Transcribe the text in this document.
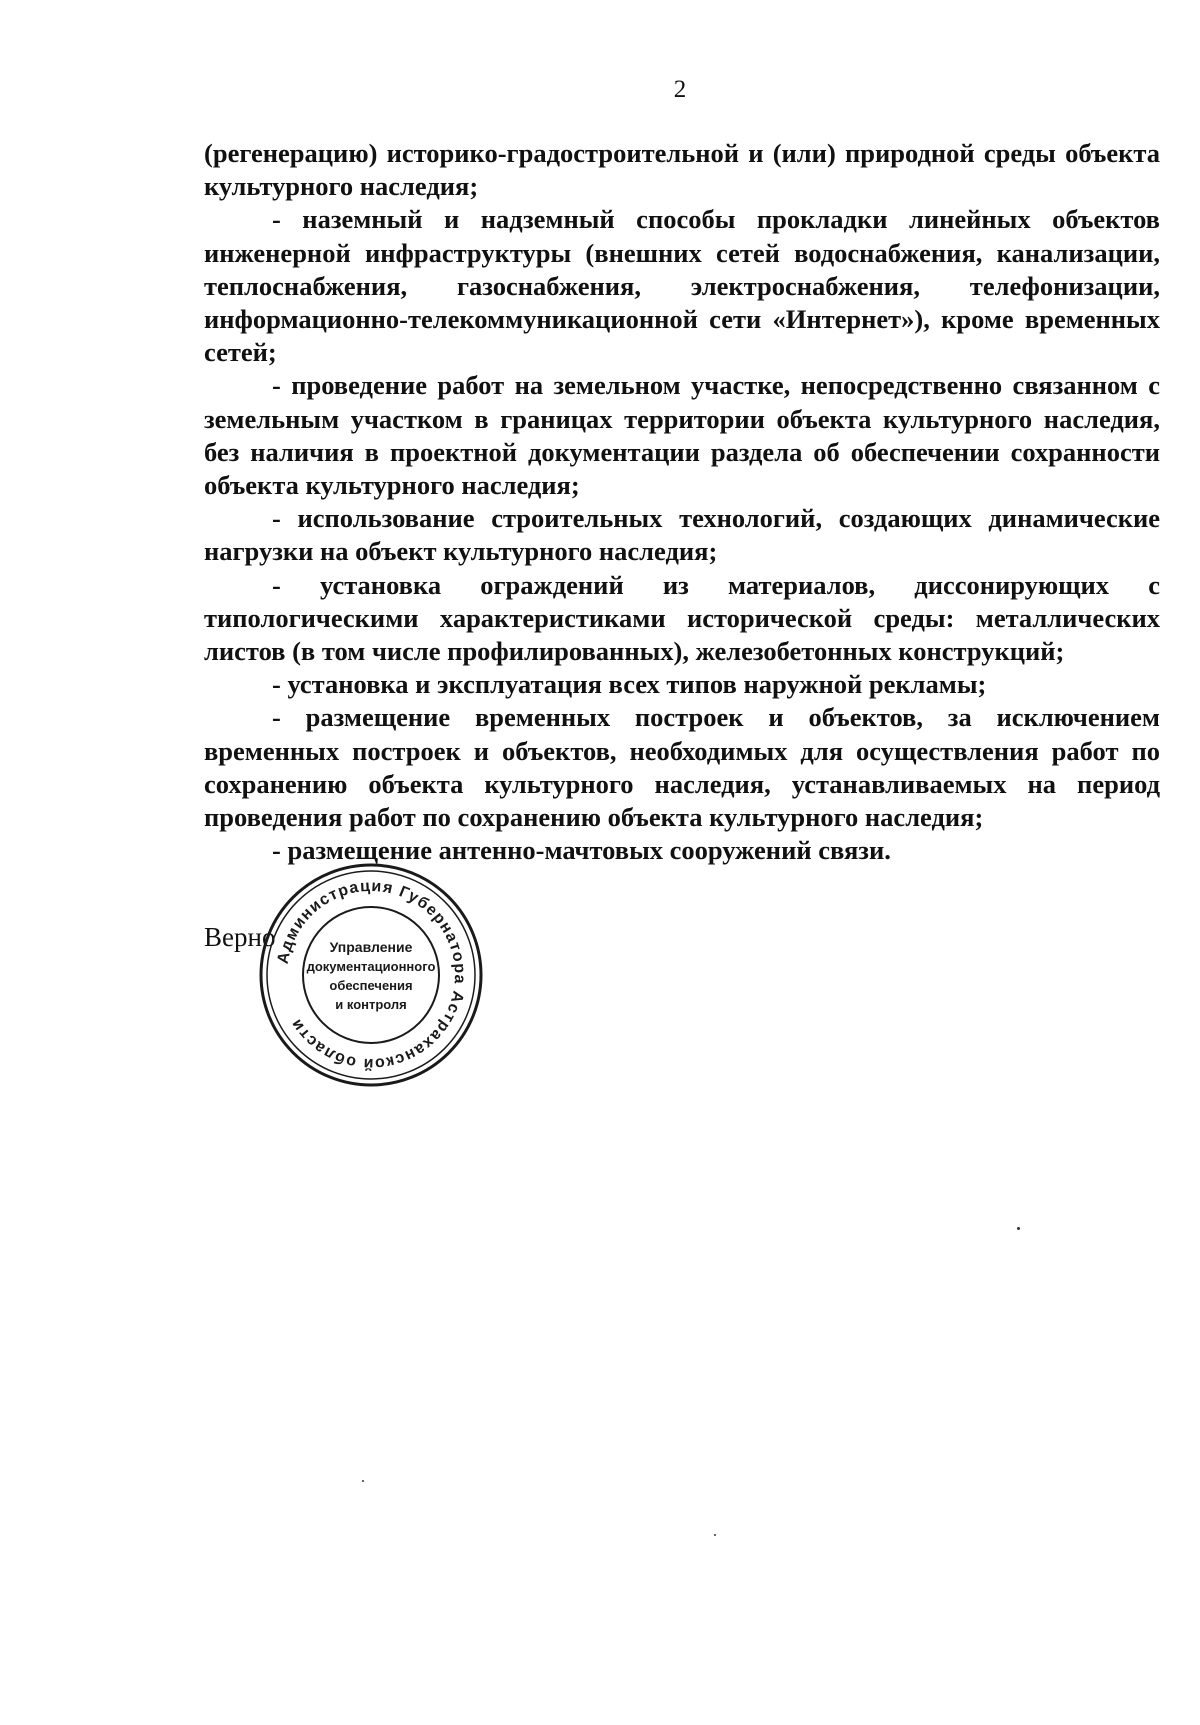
2

(регенерацию) историко-градостроительной и (или) природной среды объекта культурного наследия;

- наземный и надземный способы прокладки линейных объектов инженерной инфраструктуры (внешних сетей водоснабжения, канализации, теплоснабжения, газоснабжения, электроснабжения, телефонизации, информационно-телекоммуникационной сети «Интернет»), кроме временных сетей;

- проведение работ на земельном участке, непосредственно связанном с земельным участком в границах территории объекта культурного наследия, без наличия в проектной документации раздела об обеспечении сохранности объекта культурного наследия;

- использование строительных технологий, создающих динамические нагрузки на объект культурного наследия;

- установка ограждений из материалов, диссонирующих с типологическими характеристиками исторической среды: металлических листов (в том числе профилированных), железобетонных конструкций;

- установка и эксплуатация всех типов наружной рекламы;

- размещение временных построек и объектов, за исключением временных построек и объектов, необходимых для осуществления работ по сохранению объекта культурного наследия, устанавливаемых на период проведения работ по сохранению объекта культурного наследия;

- размещение антенно-мачтовых сооружений связи.

Верно
Администрация Губернатора Астраханской области
Управление
документационного
обеспечения
и контроля
